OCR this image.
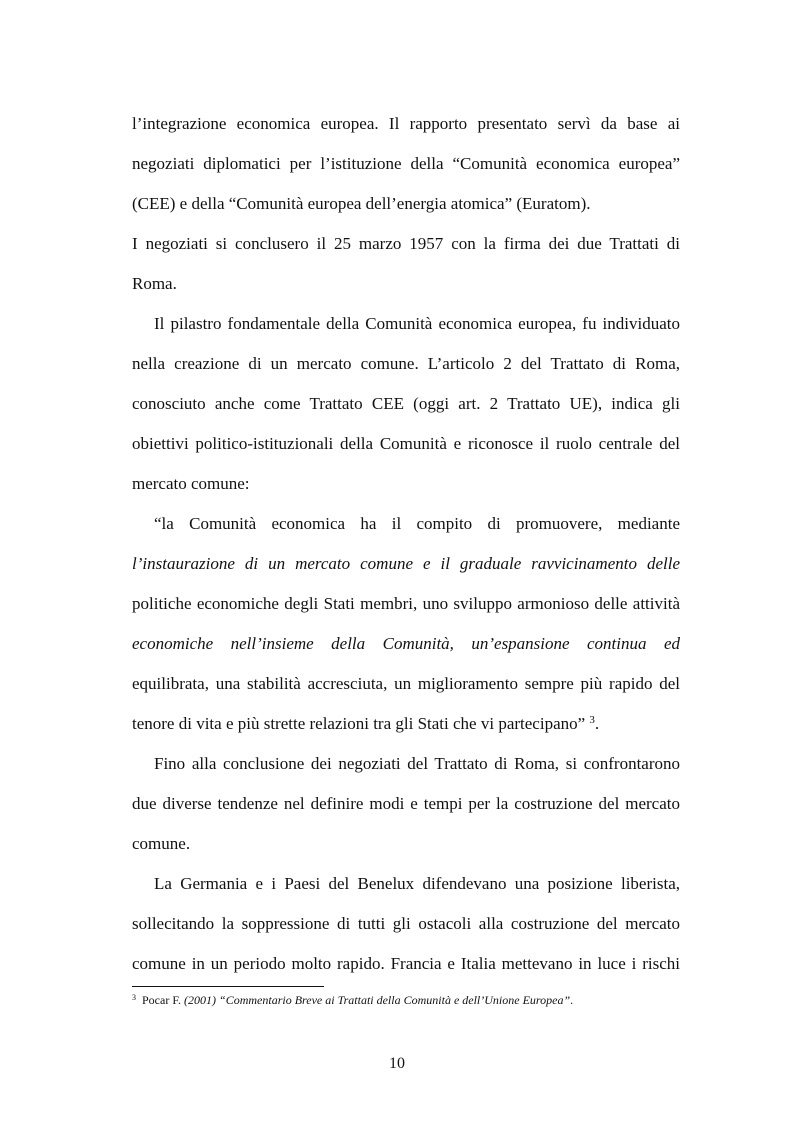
l’integrazione economica europea. Il rapporto presentato servì da base ai
negoziati diplomatici per l’istituzione della “Comunità economica europea”
(CEE) e della “Comunità europea dell’energia atomica” (Euratom).
I negoziati si conclusero il 25 marzo 1957 con la firma dei due Trattati di
Roma.
Il pilastro fondamentale della Comunità economica europea, fu individuato
nella creazione di un mercato comune. L’articolo 2 del Trattato di Roma,
conosciuto anche come Trattato CEE (oggi art. 2 Trattato UE), indica gli
obiettivi politico-istituzionali della Comunità e riconosce il ruolo centrale del
mercato comune:
“la Comunità economica ha il compito di promuovere, mediante
l’instaurazione di un mercato comune e il graduale ravvicinamento delle
politiche economiche degli Stati membri, uno sviluppo armonioso delle attività
economiche nell’insieme della Comunità, un’espansione continua ed
equilibrata, una stabilità accresciuta, un miglioramento sempre più rapido del
tenore di vita e più strette relazioni tra gli Stati che vi partecipano” $^3$.
Fino alla conclusione dei negoziati del Trattato di Roma, si confrontarono
due diverse tendenze nel definire modi e tempi per la costruzione del mercato
comune.
La Germania e i Paesi del Benelux difendevano una posizione liberista,
sollecitando la soppressione di tutti gli ostacoli alla costruzione del mercato
comune in un periodo molto rapido. Francia e Italia mettevano in luce i rischi
$^3$ Pocar F. (2001) “Commentario Breve ai Trattati della Comunità e dell’Unione Europea”.
10
